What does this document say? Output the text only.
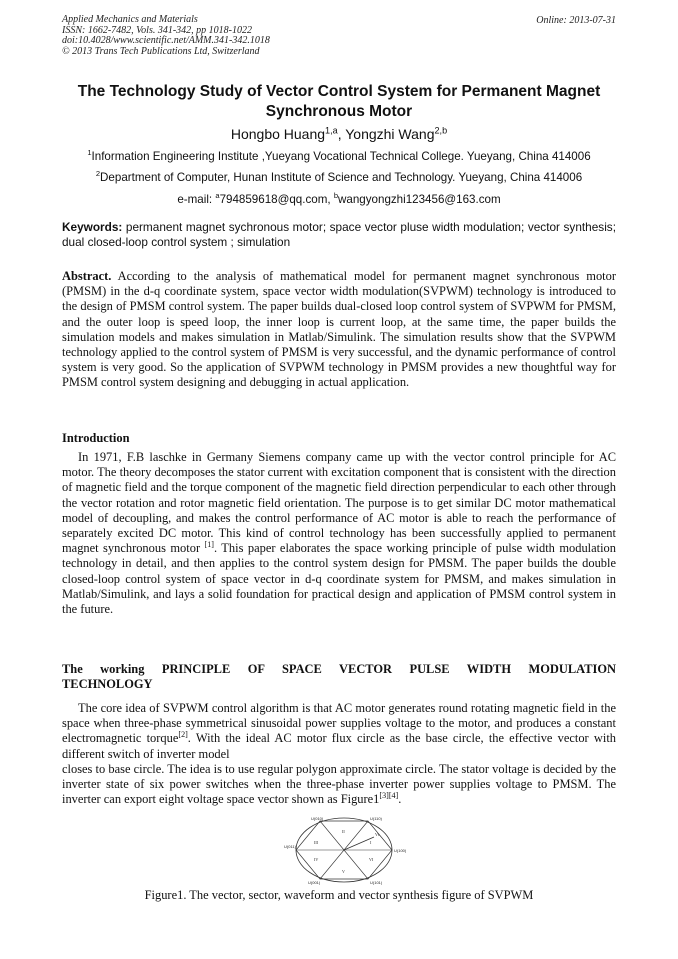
Applied Mechanics and Materials
ISSN: 1662-7482, Vols. 341-342, pp 1018-1022
doi:10.4028/www.scientific.net/AMM.341-342.1018
© 2013 Trans Tech Publications Ltd, Switzerland
Online: 2013-07-31
The Technology Study of Vector Control System for Permanent Magnet Synchronous Motor
Hongbo Huang$^{1,a}$, Yongzhi Wang$^{2,b}$
$^1$Information Engineering Institute ,Yueyang Vocational Technical College. Yueyang, China 414006
$^2$Department of Computer, Hunan Institute of Science and Technology. Yueyang, China 414006
e-mail: $^a$794859618@qq.com, $^b$wangyongzhi123456@163.com
Keywords: permanent magnet sychronous motor; space vector pluse width modulation; vector synthesis; dual closed-loop control system ; simulation

Abstract. According to the analysis of mathematical model for permanent magnet synchronous motor (PMSM) in the d-q coordinate system, space vector width modulation(SVPWM) technology is introduced to the design of PMSM control system. The paper builds dual-closed loop control system of SVPWM for PMSM, and the outer loop is speed loop, the inner loop is current loop, at the same time, the paper builds the simulation models and makes simulation in Matlab/Simulink. The simulation results show that the SVPWM technology applied to the control system of PMSM is very successful, and the dynamic performance of control system is very good. So the application of SVPWM technology in PMSM provides a new thoughtful way for PMSM control system designing and debugging in actual application.

Introduction

In 1971, F.B laschke in Germany Siemens company came up with the vector control principle for AC motor. The theory decomposes the stator current with excitation component that is consistent with the direction of magnetic field and the torque component of the magnetic field direction perpendicular to each other through the vector rotation and rotor magnetic field orientation. The purpose is to get similar DC motor mathematical model of decoupling, and makes the control performance of AC motor is able to reach the performance of separately excited DC motor. This kind of control technology has been successfully applied to permanent magnet synchronous motor [1]. This paper elaborates the space working principle of pulse width modulation technology in detail, and then applies to the control system design for PMSM. The paper builds the double closed-loop control system of space vector in d-q coordinate system for PMSM, and makes simulation in Matlab/Simulink, and lays a solid foundation for practical design and application of PMSM control system in the future.

The working PRINCIPLE OF SPACE VECTOR PULSE WIDTH MODULATION
TECHNOLOGY

The core idea of SVPWM control algorithm is that AC motor generates round rotating magnetic field in the space when three-phase symmetrical sinusoidal power supplies voltage to the motor, and produces a constant electromagnetic torque[2]. With the ideal AC motor flux circle as the base circle, the effective vector with different switch of inverter model

closes to base circle. The idea is to use regular polygon approximate circle. The stator voltage is decided by the inverter state of six power switches when the three-phase inverter power supplies voltage to PMSM. The inverter can export eight voltage space vector shown as Figure1[3][4].

U(110)
U(010)
U(100)
U(011)
U(001)	U(101)
I
II
III
IV
V
VI
Vs
Figure1. The vector, sector, waveform and vector synthesis figure of SVPWM
